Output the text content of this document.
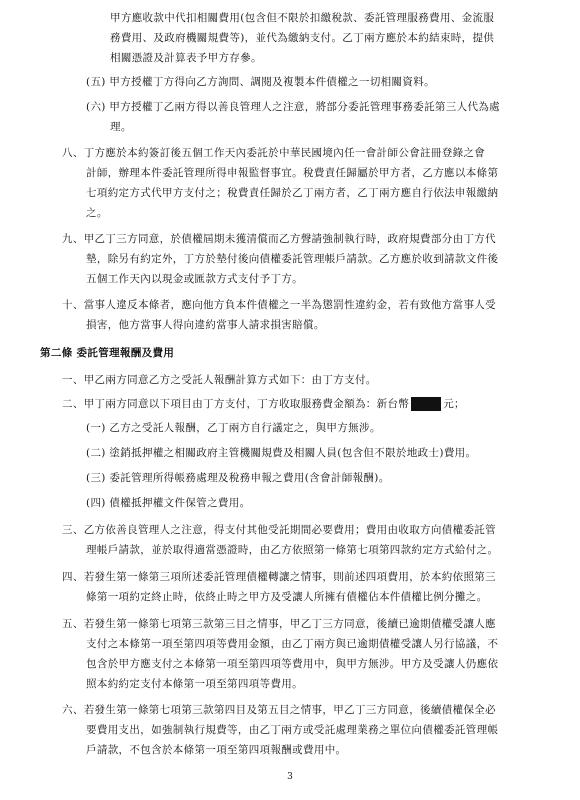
甲方應收款中代扣相關費用(包含但不限於扣繳稅款、委託管理服務費用、金流服
務費用、及政府機關規費等)，並代為繳納支付。乙丁兩方應於本約結束時，提供
相關憑證及計算表予甲方存參。
(五) 甲方授權丁方得向乙方詢問、調閱及複製本件債權之一切相關資料。
(六) 甲方授權丁乙兩方得以善良管理人之注意，將部分委託管理事務委託第三人代為處
理。
八、丁方應於本約簽訂後五個工作天內委託於中華民國境內任一會計師公會註冊登錄之會
計師，辦理本件委託管理所得申報監督事宜。稅費責任歸屬於甲方者，乙方應以本條第
七項約定方式代甲方支付之；稅費責任歸於乙丁兩方者，乙丁兩方應自行依法申報繳納
之。
九、甲乙丁三方同意，於債權屆期未獲清償而乙方聲請強制執行時，政府規費部分由丁方代
墊，除另有約定外，丁方於墊付後向債權委託管理帳戶請款。乙方應於收到請款文件後
五個工作天內以現金或匯款方式支付予丁方。
十、當事人違反本條者，應向他方負本件債權之一半為懲罰性違約金，若有致他方當事人受
損害，他方當事人得向違約當事人請求損害賠償。
第二條 委託管理報酬及費用
一、甲乙兩方同意乙方之受託人報酬計算方式如下：由丁方支付。
二、甲丁兩方同意以下項目由丁方支付，丁方收取服務費金額為：新台幣	元；
(一) 乙方之受託人報酬，乙丁兩方自行議定之，與甲方無涉。
(二) 塗銷抵押權之相關政府主管機關規費及相關人員(包含但不限於地政士)費用。
(三) 委託管理所得帳務處理及稅務申報之費用(含會計師報酬)。
(四) 債權抵押權文件保管之費用。
三、乙方依善良管理人之注意，得支付其他受託期間必要費用；費用由收取方向債權委託管
理帳戶請款，並於取得適當憑證時，由乙方依照第一條第七項第四款約定方式給付之。
四、若發生第一條第三項所述委託管理債權轉讓之情事，則前述四項費用，於本約依照第三
條第一項約定終止時，依終止時之甲方及受讓人所擁有債權佔本件債權比例分攤之。
五、若發生第一條第七項第三款第三目之情事，甲乙丁三方同意，後續已逾期債權受讓人應
支付之本條第一項至第四項等費用金額，由乙丁兩方與已逾期債權受讓人另行協議，不
包含於甲方應支付之本條第一項至第四項等費用中，與甲方無涉。甲方及受讓人仍應依
照本約約定支付本條第一項至第四項等費用。
六、若發生第一條第七項第三款第四目及第五目之情事，甲乙丁三方同意，後續債權保全必
要費用支出，如強制執行規費等，由乙丁兩方或受託處理業務之單位向債權委託管理帳
戶請款，不包含於本條第一項至第四項報酬或費用中。
3
